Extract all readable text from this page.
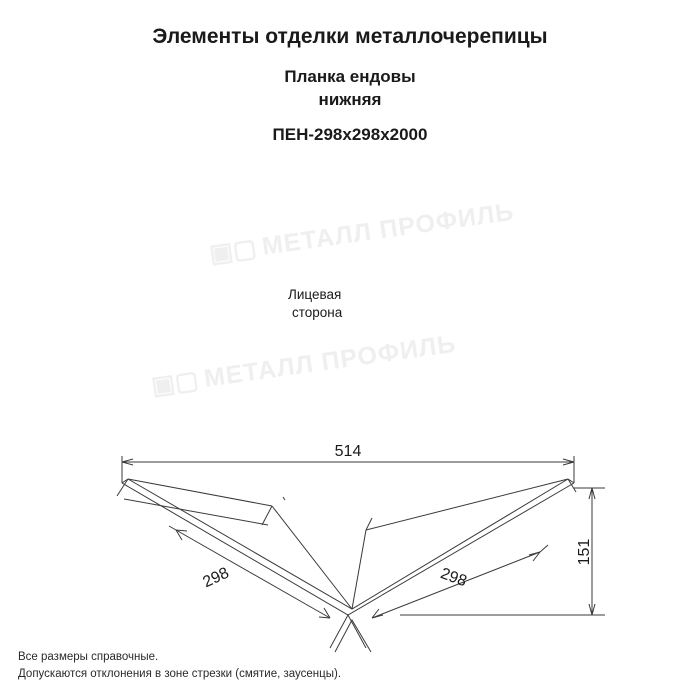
Элементы отделки металлочерепицы
Планка ендовы
нижняя
ПЕН-298х298х2000
▣▢МЕТАЛЛ ПРОФИЛЬ
▣▢МЕТАЛЛ ПРОФИЛЬ
514
151
298	298
Лицевая
сторона
Все размеры справочные.
Допускаются отклонения в зоне стрезки (смятие, заусенцы).
